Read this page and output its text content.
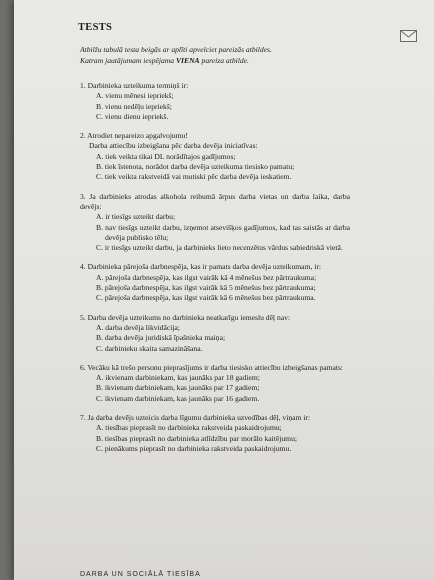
TESTS
Atbilžu tabulā testa beigās ar aplīti apvelciet pareizās atbildes.
Katram jautājumam iespējama VIENA pareiza atbilde.
1. Darbinieka uzteikuma termiņš ir:
A. vienu mēnesi iepriekš;
B. vienu nedēļu iepriekš;
C. vienu dienu iepriekš.
2. Atrodiet nepareizo apgalvojumu!
Darba attiecību izbeigšana pēc darba devēja iniciatīvas:
A. tiek veikta tikai DL norādītajos gadījumos;
B. tiek īstenota, norādot darba devēja uzteikuma tiesisko pamatu;
C. tiek veikta rakstveidā vai mutiski pēc darba devēja ieskatiem.
3. Ja darbinieks atrodas alkohola reibumā ārpus darba vietas un darba laika, darba devējs:
A. ir tiesīgs uzteikt darbu;
B. nav tiesīgs uzteikt darbu, izņemot atsevišķos gadījumos, kad tas saistās ar darba devēja publisko tēlu;
C. ir tiesīgs uzteikt darbu, ja darbinieks lieto necenzētus vārdus sabiedriskā vietā.
4. Darbinieka pārejoša darbnespēja, kas ir pamats darba devēja uzteikumam, ir:
A. pārejoša darbnespēja, kas ilgst vairāk kā 4 mēnešus bez pārtraukuma;
B. pārejoša darbnespēja, kas ilgst vairāk kā 5 mēnešus bez pārtraukuma;
C. pārejoša darbnespēja, kas ilgst vairāk kā 6 mēnešus bez pārtraukuma.
5. Darba devēja uzteikums no darbinieka neatkarīgu iemeslu dēļ nav:
A. darba devēja likvidācija;
B. darba devēja juridiskā īpašnieka maiņa;
C. darbinieku skaita samazināšana.
6. Vecāku kā trešo personu pieprasījums ir darba tiesisko attiecību izbeigšanas pamats:
A. ikvienam darbiniekam, kas jaunāks par 18 gadiem;
B. ikvienam darbiniekam, kas jaunāks par 17 gadiem;
C. ikvienam darbiniekam, kas jaunāks par 16 gadiem.
7. Ja darba devējs uzteicis darba līgumu darbinieka uzvedības dēļ, viņam ir:
A. tiesības pieprasīt no darbinieka rakstveida paskaidrojumu;
B. tiesības pieprasīt no darbinieka atlīdzību par morālo kaitējumu;
C. pienākums pieprasīt no darbinieka rakstveida paskaidrojumu.
DARBA UN SOCIĀLĀ TIESĪBA
